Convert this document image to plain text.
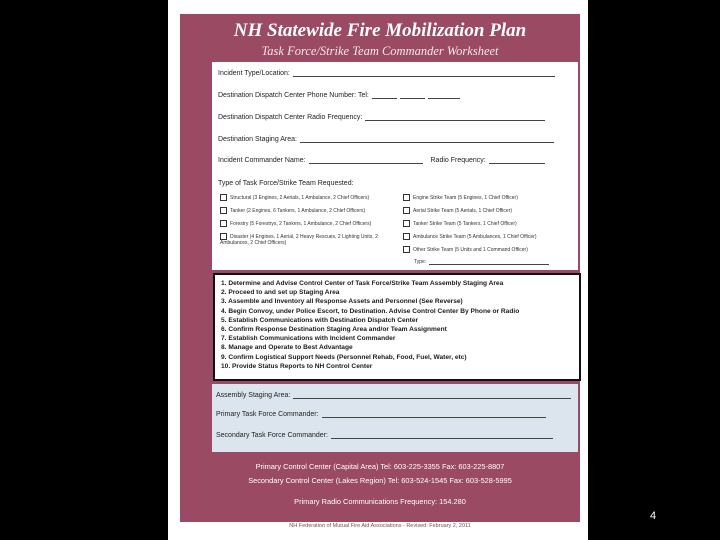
NH Statewide Fire Mobilization Plan
Task Force/Strike Team Commander Worksheet
Incident Type/Location:
Destination Dispatch Center Phone Number: Tel:
Destination Dispatch Center Radio Frequency:
Destination Staging Area:
Incident Commander Name:	Radio Frequency:
Type of Task Force/Strike Team Requested:
Structural (3 Engines, 2 Aerials, 1 Ambulance, 2 Chief Officers)
Tanker (2 Engines, 6 Tankers, 1 Ambulance, 2 Chief Officers)
Forestry (5 Forestrys, 2 Tankers, 1 Ambulance, 2 Chief Officers)
Disaster (4 Engines, 1 Aerial, 2 Heavy Rescues, 2 Lighting Units, 2 Ambulances, 2 Chief Officers)
Engine Strike Team (5 Engines, 1 Chief Officer)
Aerial Strike Team (5 Aerials, 1 Chief Officer)
Tanker Strike Team (5 Tankers, 1 Chief Officer)
Ambulance Strike Team (5 Ambulances, 1 Chief Officer)
Other Strike Team (5 Units and 1 Command Officer)
Type:
1. Determine and Advise Control Center of Task Force/Strike Team Assembly Staging Area
2. Proceed to and set up Staging Area
3. Assemble and Inventory all Response Assets and Personnel (See Reverse)
4. Begin Convoy, under Police Escort, to Destination. Advise Control Center By Phone or Radio
5. Establish Communications with Destination Dispatch Center
6. Confirm Response Destination Staging Area and/or Team Assignment
7. Establish Communications with Incident Commander
8. Manage and Operate to Best Advantage
9. Confirm Logistical Support Needs (Personnel Rehab, Food, Fuel, Water, etc)
10. Provide Status Reports to NH Control Center
Assembly Staging Area:
Primary Task Force Commander:
Secondary Task Force Commander:
Primary Control Center (Capital Area) Tel: 603-225-3355 Fax: 603-225-8807
Secondary Control Center (Lakes Region) Tel: 603-524-1545 Fax: 603-528-5995
Primary Radio Communications Frequency: 154.280
NH Federation of Mutual Fire Aid Associations - Revised: February 2, 2011
4
